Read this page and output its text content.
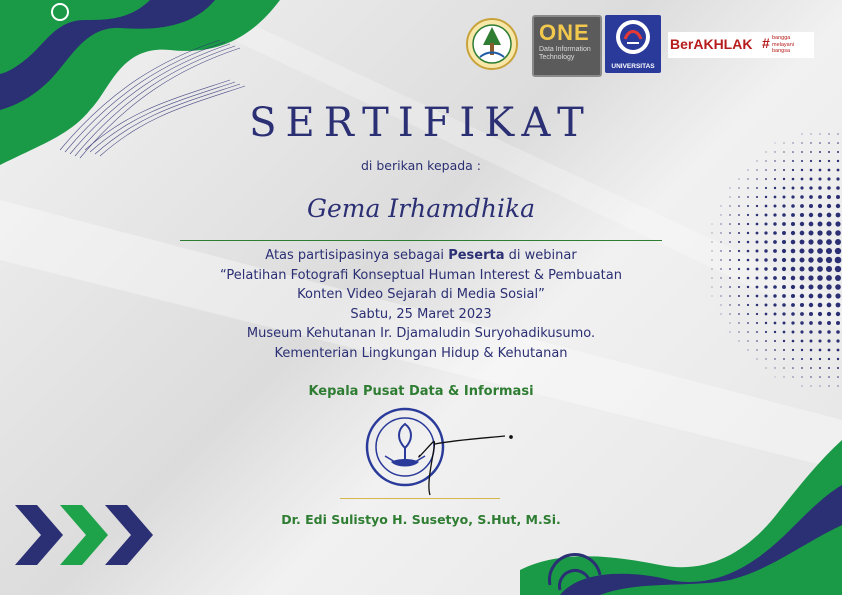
ONE
Data Information Technology
UNIVERSITAS
BerAKHLAK # bangga melayani bangsa
SERTIFIKAT
di berikan kepada :
Gema Irhamdhika
Atas partisipasinya sebagai Peserta di webinar
“Pelatihan Fotografi Konseptual Human Interest & Pembuatan
Konten Video Sejarah di Media Sosial”
Sabtu, 25 Maret 2023
Museum Kehutanan Ir. Djamaludin Suryohadikusumo.
Kementerian Lingkungan Hidup & Kehutanan
Kepala Pusat Data & Informasi
Dr. Edi Sulistyo H. Susetyo, S.Hut, M.Si.
